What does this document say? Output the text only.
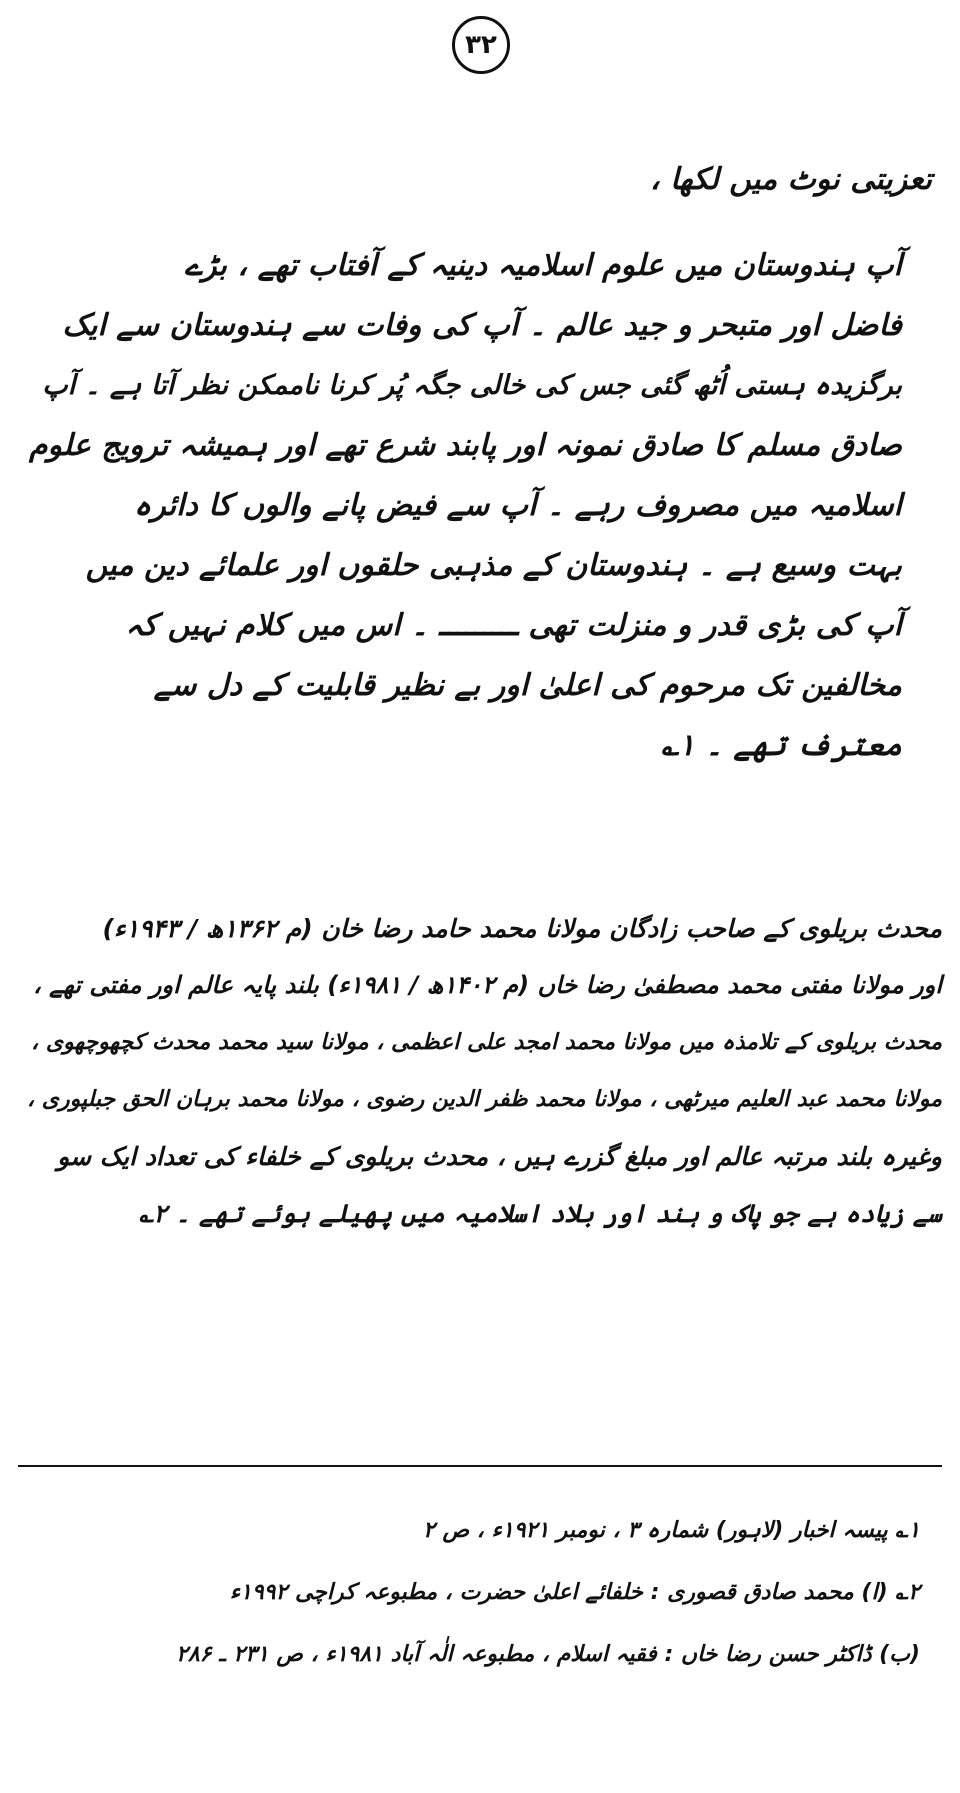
۳۲
تعزیتی نوٹ میں لکھا ،
آپ ہندوستان میں علوم اسلامیہ دینیہ کے آفتاب تھے ، بڑے
فاضل اور متبحر و جید عالم ۔ آپ کی وفات سے ہندوستان سے ایک
برگزیدہ ہستی اُٹھ گئی جس کی خالی جگہ پُر کرنا ناممکن نظر آتا ہے ۔ آپ
صادق مسلم کا صادق نمونہ اور پابند شرع تھے اور ہمیشہ ترویج علوم
اسلامیہ میں مصروف رہے ۔ آپ سے فیض پانے والوں کا دائرہ
بہت وسیع ہے ۔ ہندوستان کے مذہبی حلقوں اور علمائے دین میں
آپ کی بڑی قدر و منزلت تھی ـــــــــ ۔ اس میں کلام نہیں کہ
مخالفین تک مرحوم کی اعلیٰ اور بے نظیر قابلیت کے دل سے
معترف تھے ۔ ۱؎
محدث بریلوی کے صاحب زادگان مولانا محمد حامد رضا خان (م ۱۳۶۲ھ / ۱۹۴۳ء)
اور مولانا مفتی محمد مصطفیٰ رضا خاں (م ۱۴۰۲ھ / ۱۹۸۱ء) بلند پایہ عالم اور مفتی تھے ،
محدث بریلوی کے تلامذہ میں مولانا محمد امجد علی اعظمی ، مولانا سید محمد محدث کچھوچھوی ،
مولانا محمد عبد العلیم میرٹھی ، مولانا محمد ظفر الدین رضوی ، مولانا محمد برہان الحق جبلپوری ،
وغیرہ بلند مرتبہ عالم اور مبلغ گزرے ہیں ، محدث بریلوی کے خلفاء کی تعداد ایک سو
سے زیادہ ہے جو پاک و ہند اور بلاد اسلامیہ میں پھیلے ہوئے تھے ۔ ۲؎
۱؎ پیسہ اخبار (لاہور) شمارہ ۳ ، نومبر ۱۹۲۱ء ، ص ۲
۲؎ (ا) محمد صادق قصوری : خلفائے اعلیٰ حضرت ، مطبوعہ کراچی ۱۹۹۲ء
(ب) ڈاکٹر حسن رضا خاں : فقیہ اسلام ، مطبوعہ الٰہ آباد ۱۹۸۱ء ، ص ۲۳۱ ـ ۲۸۶
